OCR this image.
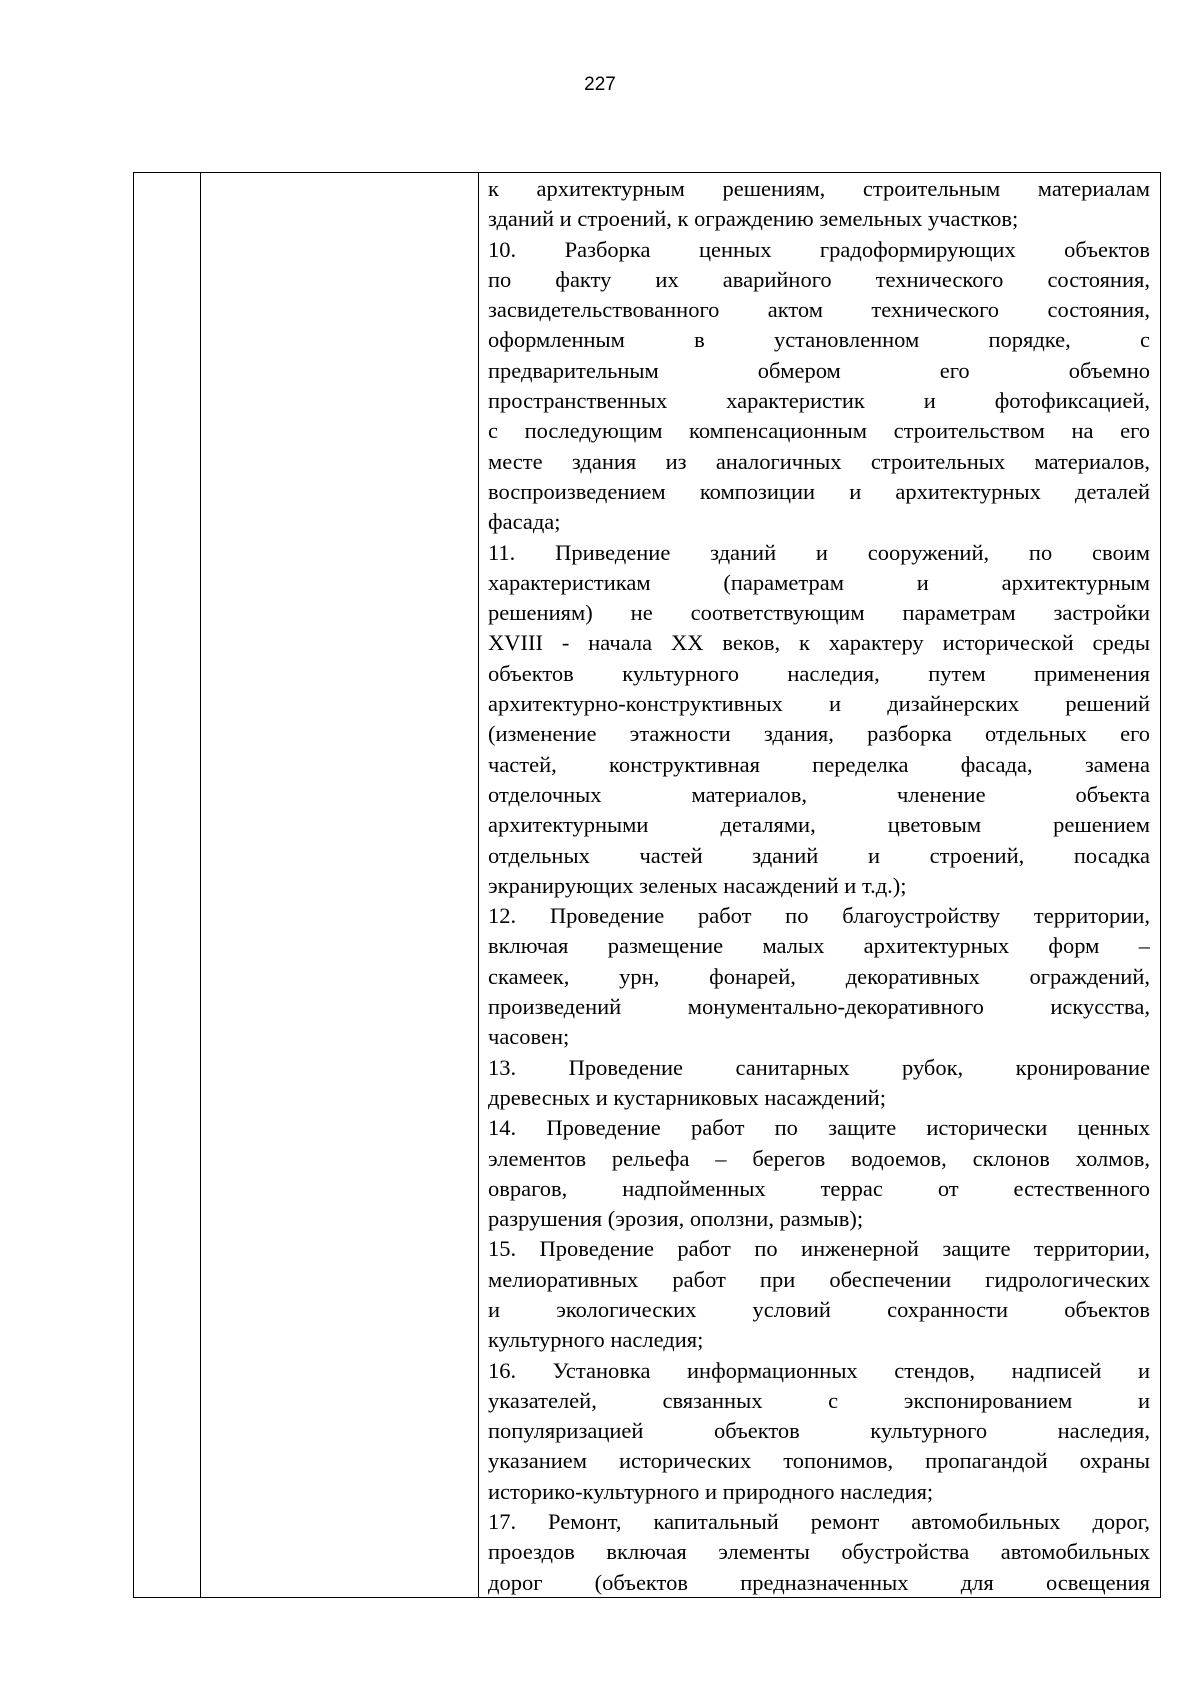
227
к архитектурным решениям, строительным материалам
зданий и строений, к ограждению земельных участков;
10. Разборка ценных градоформирующих объектов
по факту их аварийного технического состояния,
засвидетельствованного актом технического состояния,
оформленным в установленном порядке, с
предварительным обмером его объемно
пространственных характеристик и фотофиксацией,
с последующим компенсационным строительством на его
месте здания из аналогичных строительных материалов,
воспроизведением композиции и архитектурных деталей
фасада;
11. Приведение зданий и сооружений, по своим
характеристикам (параметрам и архитектурным
решениям) не соответствующим параметрам застройки
XVIII - начала XX веков, к характеру исторической среды
объектов культурного наследия, путем применения
архитектурно-конструктивных и дизайнерских решений
(изменение этажности здания, разборка отдельных его
частей, конструктивная переделка фасада, замена
отделочных материалов, членение объекта
архитектурными деталями, цветовым решением
отдельных частей зданий и строений, посадка
экранирующих зеленых насаждений и т.д.);
12. Проведение работ по благоустройству территории,
включая размещение малых архитектурных форм –
скамеек, урн, фонарей, декоративных ограждений,
произведений монументально-декоративного искусства,
часовен;
13. Проведение санитарных рубок, кронирование
древесных и кустарниковых насаждений;
14. Проведение работ по защите исторически ценных
элементов рельефа – берегов водоемов, склонов холмов,
оврагов, надпойменных террас от естественного
разрушения (эрозия, оползни, размыв);
15. Проведение работ по инженерной защите территории,
мелиоративных работ при обеспечении гидрологических
и экологических условий сохранности объектов
культурного наследия;
16. Установка информационных стендов, надписей и
указателей, связанных с экспонированием и
популяризацией объектов культурного наследия,
указанием исторических топонимов, пропагандой охраны
историко-культурного и природного наследия;
17. Ремонт, капитальный ремонт автомобильных дорог,
проездов включая элементы обустройства автомобильных
дорог (объектов предназначенных для освещения
